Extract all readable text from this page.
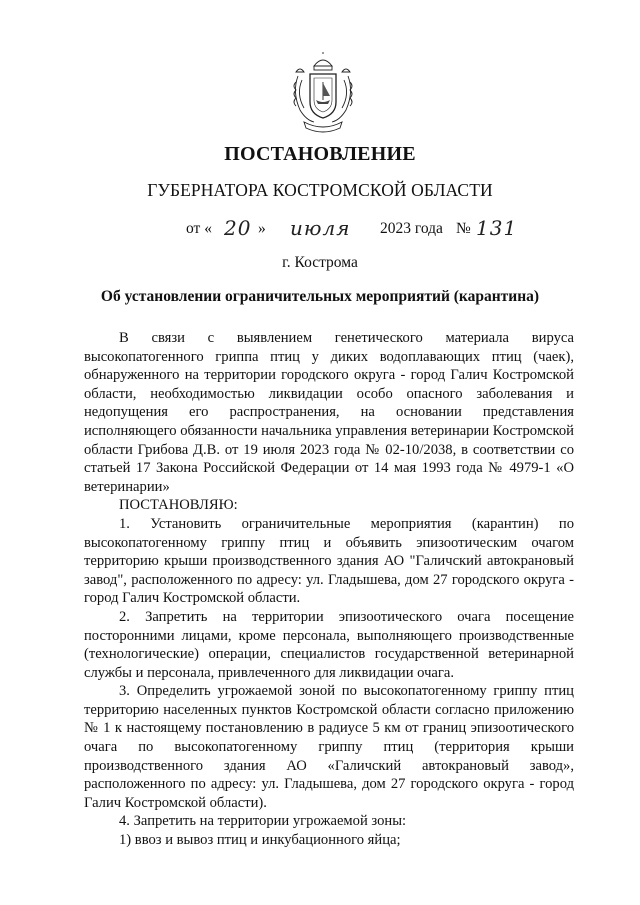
ПОСТАНОВЛЕНИЕ
ГУБЕРНАТОРА КОСТРОМСКОЙ ОБЛАСТИ
от « 20 » июля 2023 года № 131
г. Кострома
Об установлении ограничительных мероприятий (карантина)

В связи с выявлением генетического материала вируса высокопатогенного гриппа птиц у диких водоплавающих птиц (чаек), обнаруженного на территории городского округа - город Галич Костромской области, необходимостью ликвидации особо опасного заболевания и недопущения его распространения, на основании представления исполняющего обязанности начальника управления ветеринарии Костромской области Грибова Д.В. от 19 июля 2023 года № 02-10/2038, в соответствии со статьей 17 Закона Российской Федерации от 14 мая 1993 года № 4979-1 «О ветеринарии»

ПОСТАНОВЛЯЮ:

1. Установить ограничительные мероприятия (карантин) по высокопатогенному гриппу птиц и объявить эпизоотическим очагом территорию крыши производственного здания АО "Галичский автокрановый завод", расположенного по адресу: ул. Гладышева, дом 27 городского округа - город Галич Костромской области.

2. Запретить на территории эпизоотического очага посещение посторонними лицами, кроме персонала, выполняющего производственные (технологические) операции, специалистов государственной ветеринарной службы и персонала, привлеченного для ликвидации очага.

3. Определить угрожаемой зоной по высокопатогенному гриппу птиц территорию населенных пунктов Костромской области согласно приложению № 1 к настоящему постановлению в радиусе 5 км от границ эпизоотического очага по высокопатогенному гриппу птиц (территория крыши производственного здания АО «Галичский автокрановый завод», расположенного по адресу: ул. Гладышева, дом 27 городского округа - город Галич Костромской области).

4. Запретить на территории угрожаемой зоны:

1) ввоз и вывоз птиц и инкубационного яйца;
